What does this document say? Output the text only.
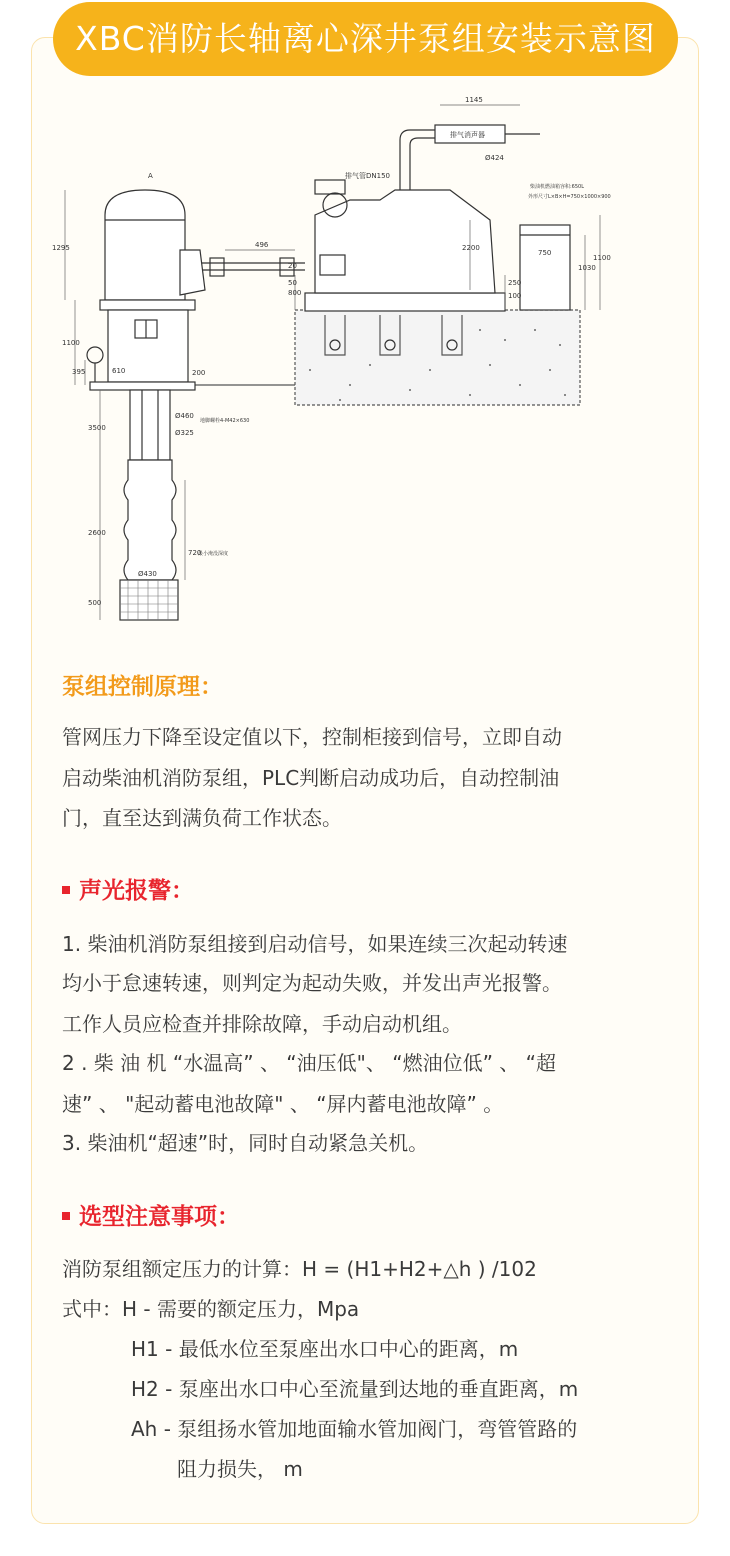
XBC消防长轴离心深井泵组安装示意图
1145
排气消声器
Ø424
排气管DN150
柴油机燃油箱容积:650L
外形尺寸L×B×H=750×1000×900
750
1030
1100
A
496	2200
800
20
50	250
100
1295
1100
395	610	200
Ø460
地脚螺栓4-M42×630
Ø325
3500
720
2600
最小淹没深度
Ø430
500
泵组控制原理：
管网压力下降至设定值以下，控制柜接到信号，立即自动
启动柴油机消防泵组，PLC判断启动成功后，自动控制油
门，直至达到满负荷工作状态。
声光报警：
1. 柴油机消防泵组接到启动信号，如果连续三次起动转速
均小于怠速转速，则判定为起动失败，并发出声光报警。
工作人员应检查并排除故障，手动启动机组。
2 . 柴 油 机 “水温高” 、 “油压低"、 “燃油位低” 、 “超
速” 、 "起动蓄电池故障" 、 “屏内蓄电池故障” 。
3. 柴油机“超速”时，同时自动紧急关机。
选型注意事项：
消防泵组额定压力的计算：H = (H1+H2+△h ) /102
式中：H - 需要的额定压力，Mpa
H1 - 最低水位至泵座出水口中心的距离，m
H2 - 泵座出水口中心至流量到达地的垂直距离，m
Ah - 泵组扬水管加地面输水管加阀门，弯管管路的
阻力损失， m
